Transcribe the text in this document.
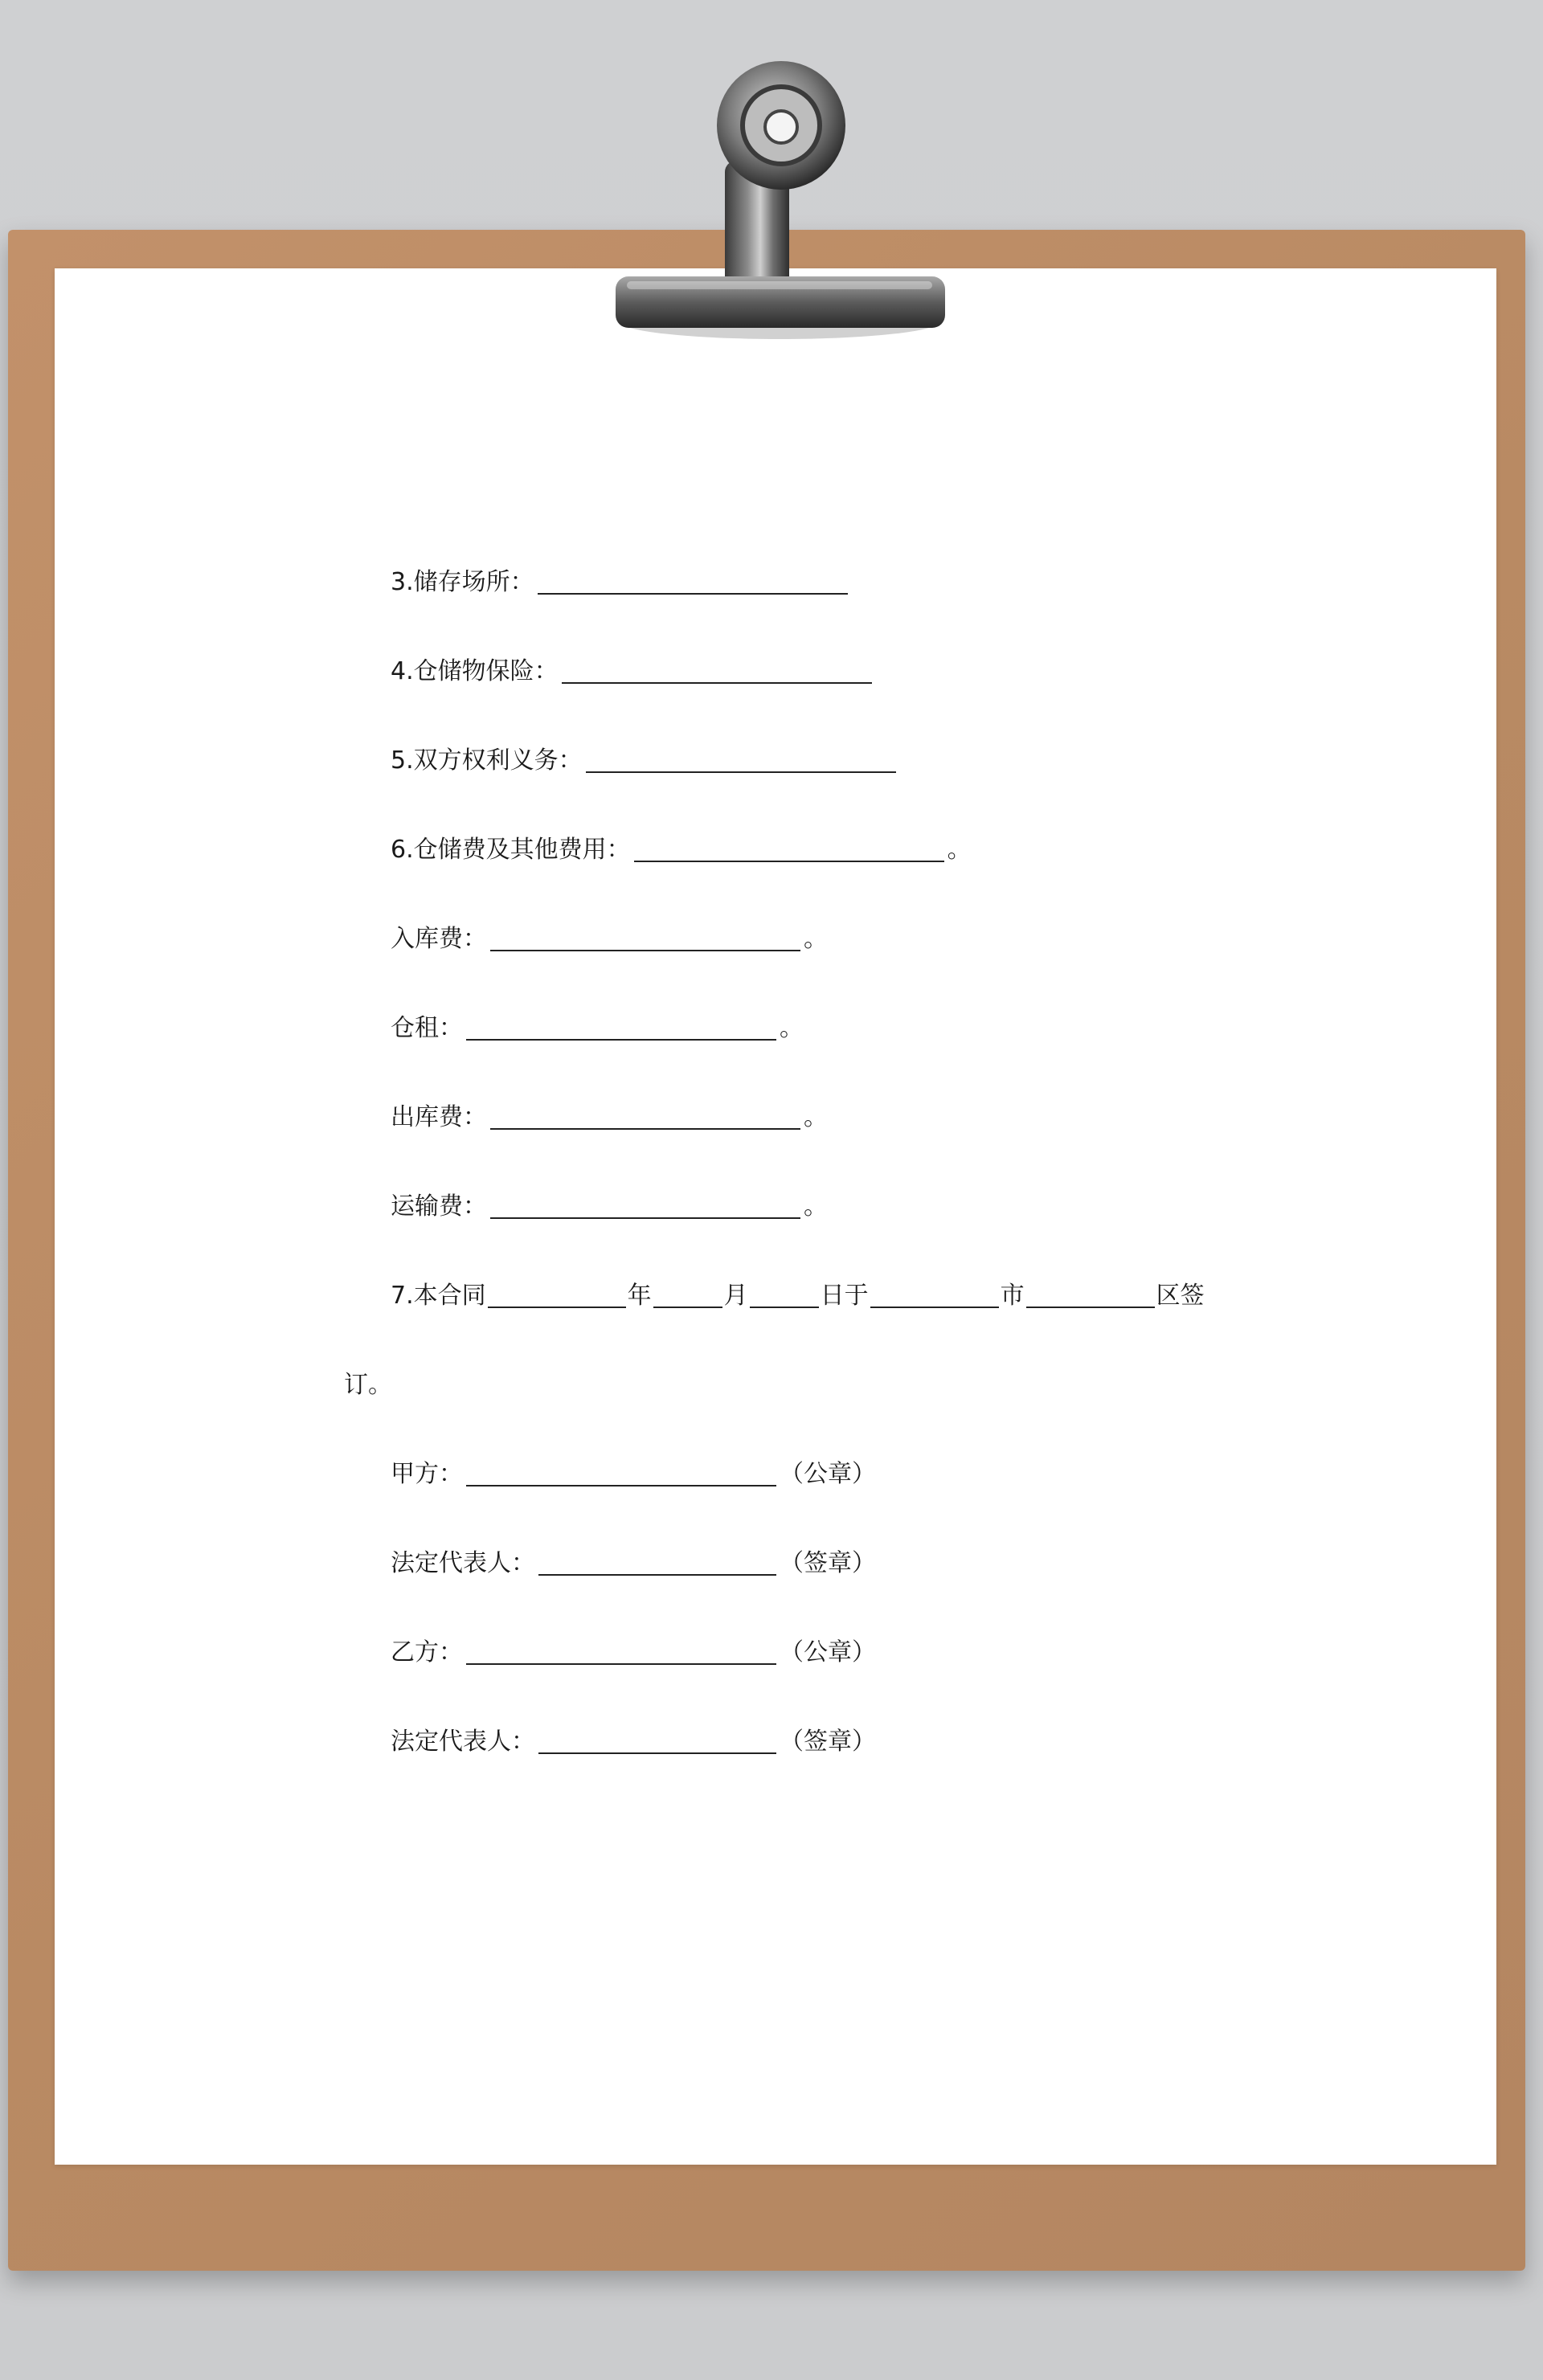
3.储存场所：
4.仓储物保险：
5.双方权利义务：
6.仓储费及其他费用：	。
入库费：	。
仓租：	。
出库费：	。
运输费：	。
7.本合同	年	月	日于	市	区签
订。
甲方：	（公章）
法定代表人：	（签章）
乙方：	（公章）
法定代表人：	（签章）
